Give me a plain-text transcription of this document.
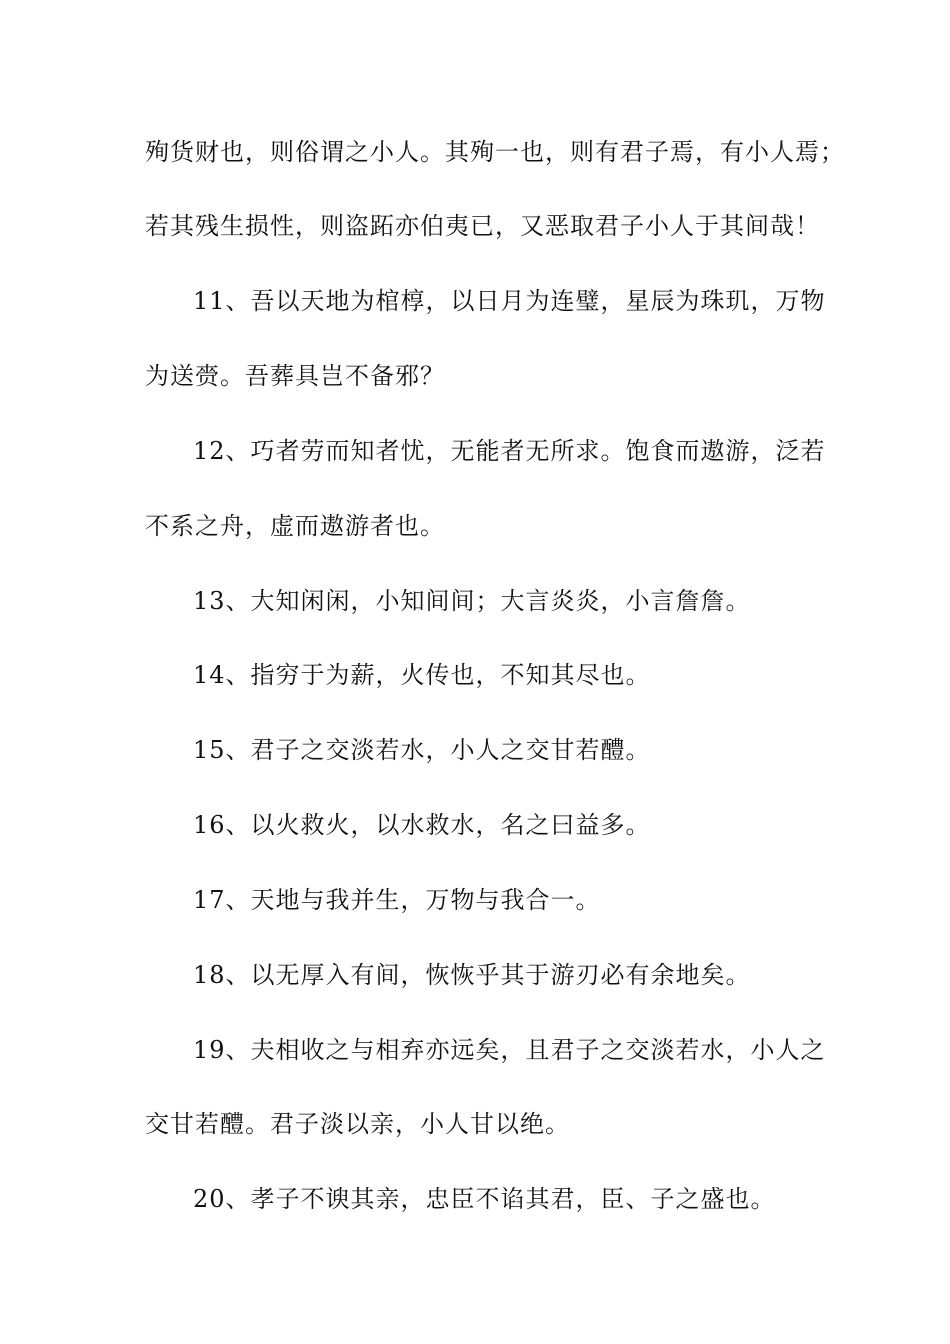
殉货财也，则俗谓之小人。其殉一也，则有君子焉，有小人焉；
若其残生损性，则盗跖亦伯夷已，又恶取君子小人于其间哉！
11、吾以天地为棺椁，以日月为连璧，星辰为珠玑，万物
为送赍。吾葬具岂不备邪？
12、巧者劳而知者忧，无能者无所求。饱食而遨游，泛若
不系之舟，虚而遨游者也。
13、大知闲闲，小知间间；大言炎炎，小言詹詹。
14、指穷于为薪，火传也，不知其尽也。
15、君子之交淡若水，小人之交甘若醴。
16、以火救火，以水救水，名之曰益多。
17、天地与我并生，万物与我合一。
18、以无厚入有间，恢恢乎其于游刃必有余地矣。
19、夫相收之与相弃亦远矣，且君子之交淡若水，小人之
交甘若醴。君子淡以亲，小人甘以绝。
20、孝子不谀其亲，忠臣不谄其君，臣、子之盛也。
